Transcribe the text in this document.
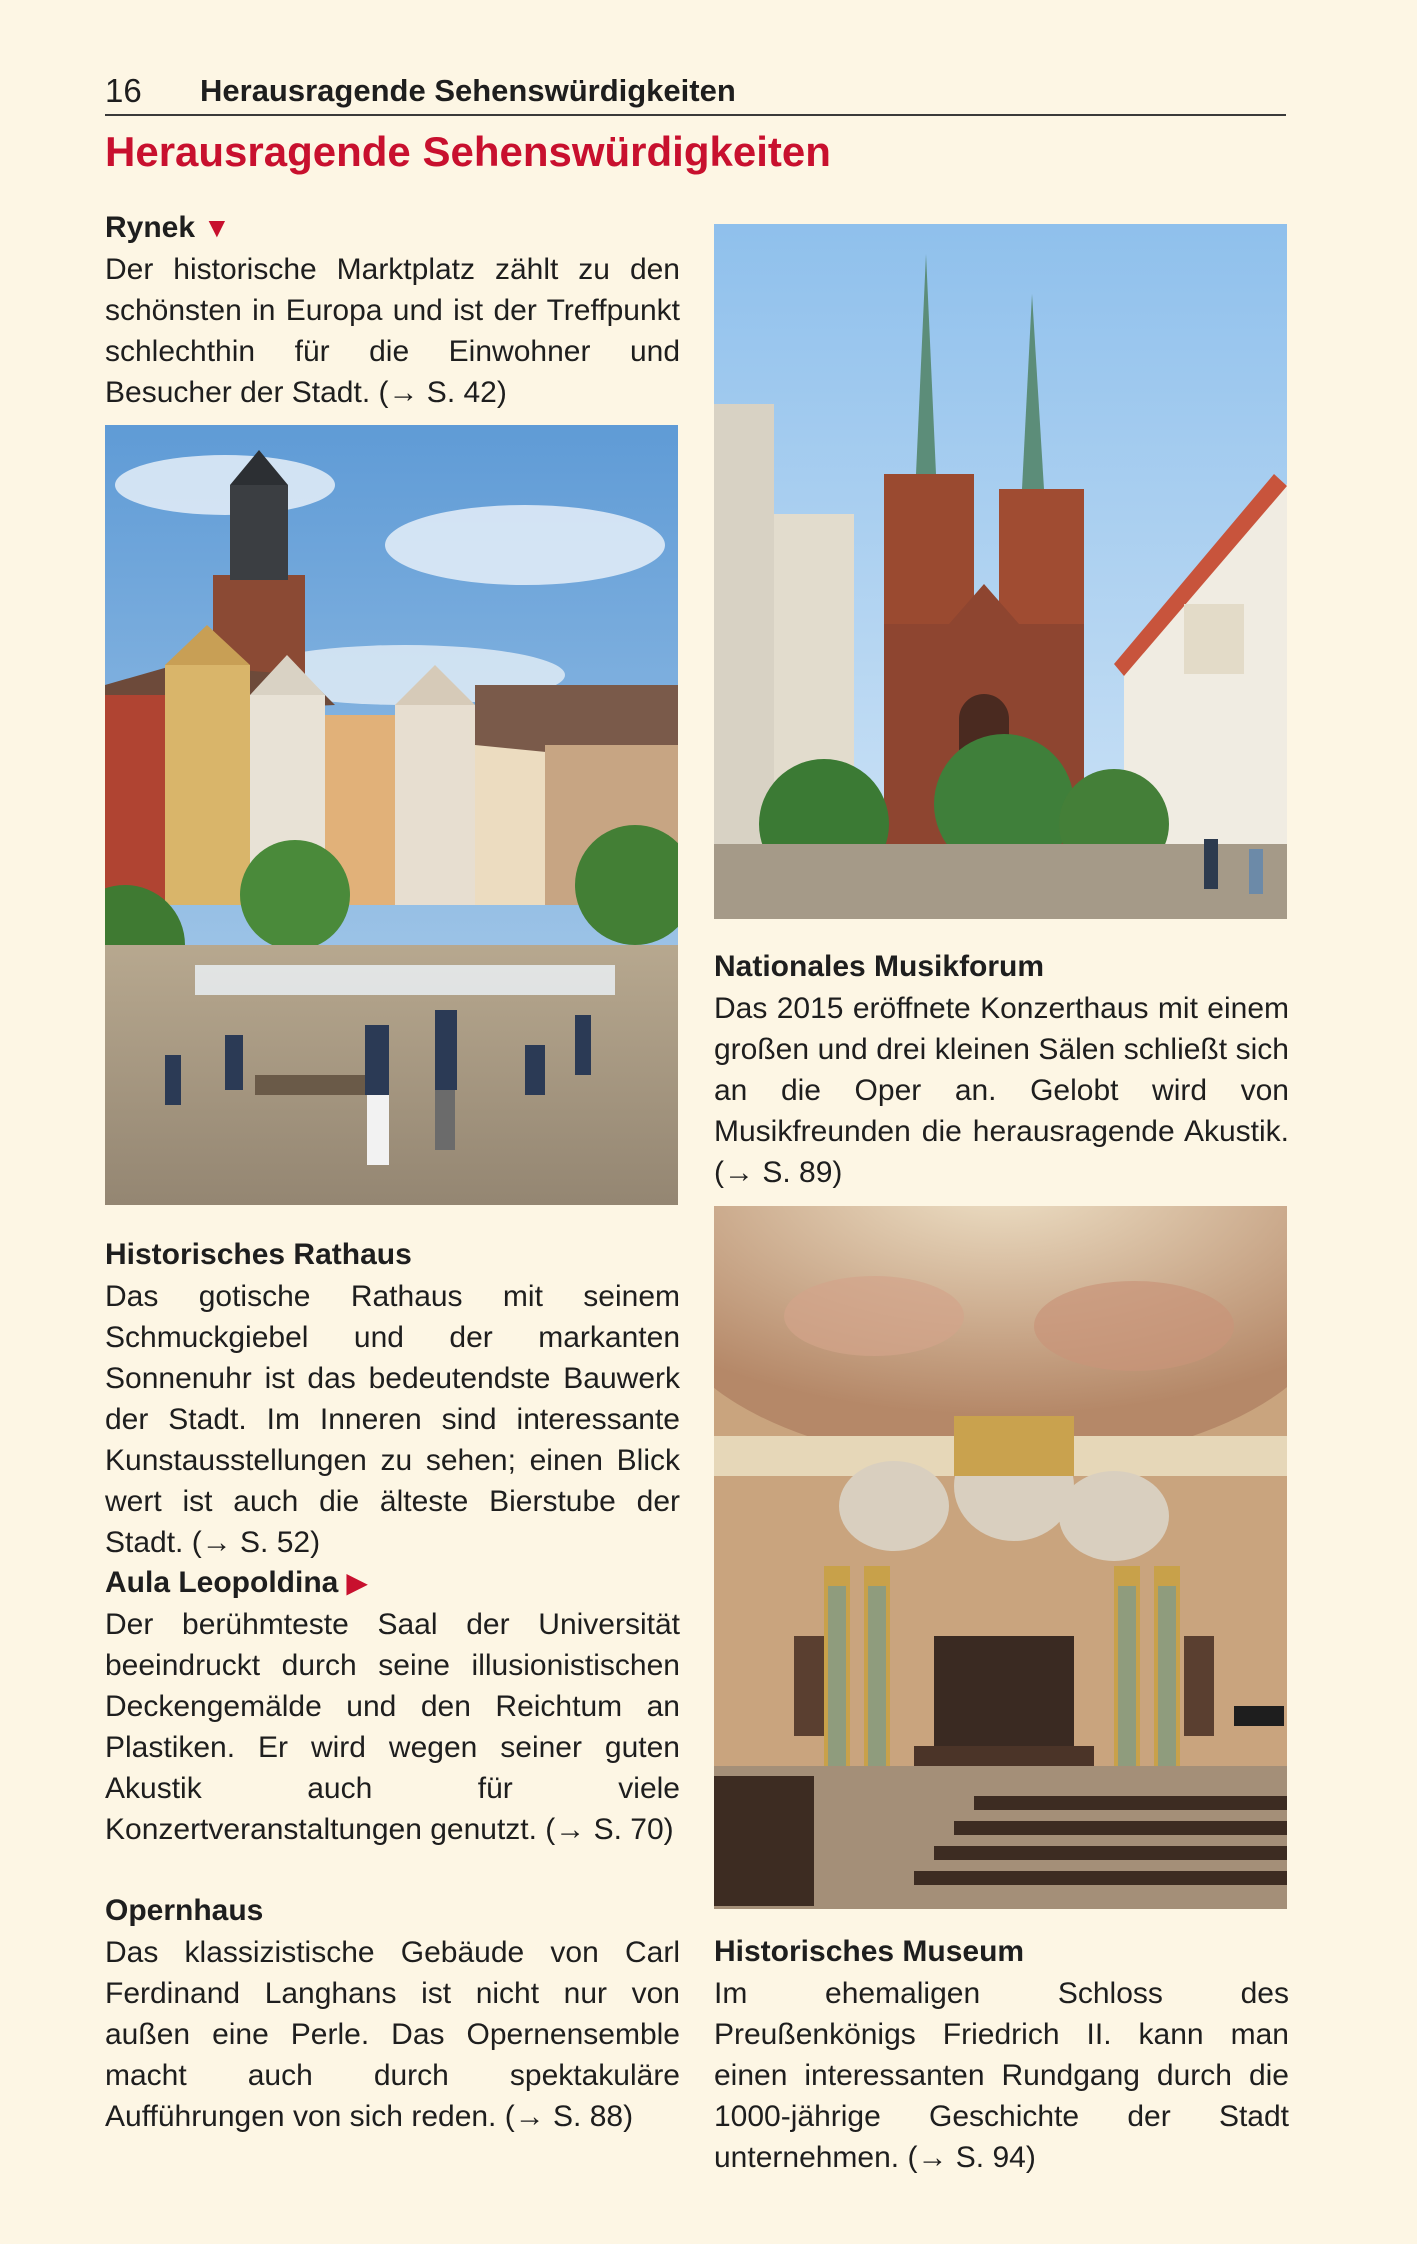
16 Herausragende Sehenswürdigkeiten
Herausragende Sehenswürdigkeiten
Rynek ▼

Der historische Marktplatz zählt zu den schönsten in Europa und ist der Treffpunkt schlechthin für die Einwohner und Besucher der Stadt. (→ S. 42)

Historisches Rathaus

Das gotische Rathaus mit seinem Schmuckgiebel und der markanten Sonnenuhr ist das bedeutendste Bauwerk der Stadt. Im Inneren sind interessante Kunstausstellungen zu sehen; einen Blick wert ist auch die älteste Bierstube der Stadt. (→ S. 52)

Aula Leopoldina ▶

Der berühmteste Saal der Universität beeindruckt durch seine illusionistischen Deckengemälde und den Reichtum an Plastiken. Er wird wegen seiner guten Akustik auch für viele Konzertveranstaltungen genutzt. (→ S. 70)

Opernhaus

Das klassizistische Gebäude von Carl Ferdinand Langhans ist nicht nur von außen eine Perle. Das Opernensemble macht auch durch spektakuläre Aufführungen von sich reden. (→ S. 88)

Nationales Musikforum

Das 2015 eröffnete Konzerthaus mit einem großen und drei kleinen Sälen schließt sich an die Oper an. Gelobt wird von Musikfreunden die herausragende Akustik. (→ S. 89)

Historisches Museum

Im ehemaligen Schloss des Preußenkönigs Friedrich II. kann man einen interessanten Rundgang durch die 1000-jährige Geschichte der Stadt unternehmen. (→ S. 94)
